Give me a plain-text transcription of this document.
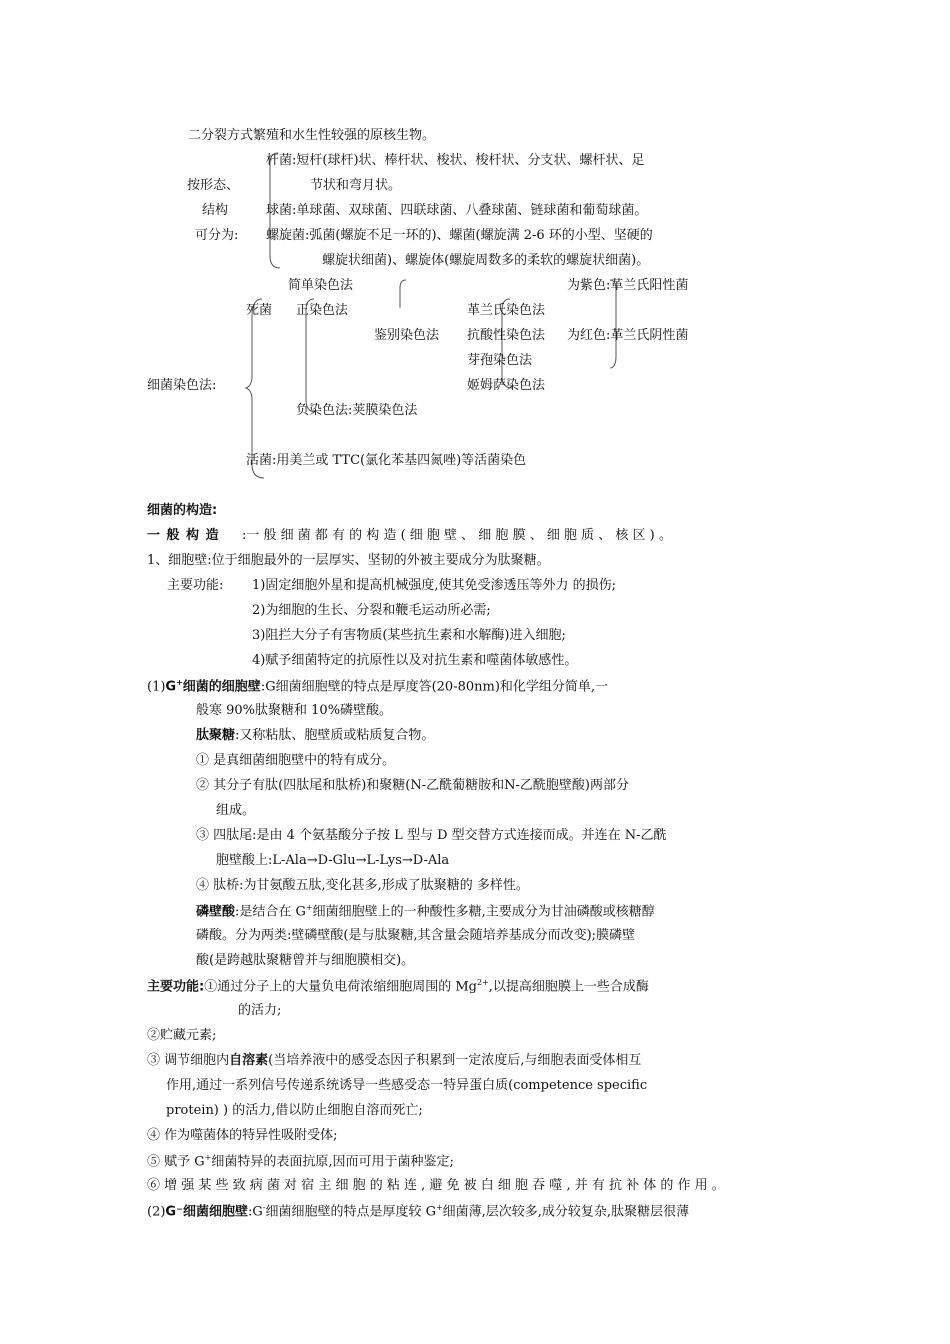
二分裂方式繁殖和水生性较强的原核生物。
按形态、
结构
可分为:
杆菌:短杆(球杆)状、棒杆状、梭状、梭杆状、分支状、螺杆状、足
节状和弯月状。
球菌:单球菌、双球菌、四联球菌、八叠球菌、链球菌和葡萄球菌。
螺旋菌:弧菌(螺旋不足一环的)、螺菌(螺旋满 2-6 环的小型、坚硬的
螺旋状细菌)、螺旋体(螺旋周数多的柔软的螺旋状细菌)。
细菌染色法:
死菌
简单染色法
正染色法
鉴别染色法
革兰氏染色法
抗酸性染色法
芽孢染色法
姬姆萨染色法
为紫色:革兰氏阳性菌
为红色:革兰氏阴性菌
负染色法:荚膜染色法
活菌:用美兰或 TTC(氯化苯基四氮唑)等活菌染色
细菌的构造:
一 般 构 造 :一 般 细 菌 都 有 的 构 造 ( 细 胞 壁 、 细 胞 膜 、 细 胞 质 、 核 区 ) 。
1、细胞壁:位于细胞最外的一层厚实、坚韧的外被主要成分为肽聚糖。
主要功能: 1)固定细胞外星和提高机械强度,使其免受渗透压等外力 的损伤;
2)为细胞的生长、分裂和鞭毛运动所必需;
3)阻拦大分子有害物质(某些抗生素和水解酶)进入细胞;
4)赋予细菌特定的抗原性以及对抗生素和噬菌体敏感性。
(1)G+细菌的细胞壁:G细菌细胞壁的特点是厚度答(20-80nm)和化学组分简单,一
般寒 90%肽聚糖和 10%磷壁酸。
肽聚糖:又称粘肽、胞壁质或粘质复合物。
① 是真细菌细胞壁中的特有成分。
② 其分子有肽(四肽尾和肽桥)和聚糖(N-乙酰葡糖胺和N-乙酰胞壁酸)两部分
组成。
③ 四肽尾:是由 4 个氨基酸分子按 L 型与 D 型交替方式连接而成。并连在 N-乙酰
胞壁酸上:L-Ala→D-Glu→L-Lys→D-Ala
④ 肽桥:为甘氨酸五肽,变化甚多,形成了肽聚糖的 多样性。
磷壁酸:是结合在 G+细菌细胞壁上的一种酸性多糖,主要成分为甘油磷酸或核糖醇
磷酸。分为两类:壁磷壁酸(是与肽聚糖,其含量会随培养基成分而改变);膜磷壁
酸(是跨越肽聚糖曾并与细胞膜相交)。
主要功能:①通过分子上的大量负电荷浓缩细胞周围的 $Mg^{2+}$,以提高细胞膜上一些合成酶
的活力;
②贮藏元素;
③ 调节细胞内自溶素(当培养液中的感受态因子积累到一定浓度后,与细胞表面受体相互
作用,通过一系列信号传递系统诱导一些感受态一特异蛋白质(competence specific
protein) ) 的活力,借以防止细胞自溶而死亡;
④ 作为噬菌体的特异性吸附受体;
⑤ 赋予 G+细菌特异的表面抗原,因而可用于菌种鉴定;
⑥ 增 强 某 些 致 病 菌 对 宿 主 细 胞 的 粘 连 , 避 免 被 白 细 胞 吞 噬 , 并 有 抗 补 体 的 作 用 。
(2)G⁻细菌细胞壁:G-细菌细胞壁的特点是厚度较 G+细菌薄,层次较多,成分较复杂,肽聚糖层很薄
